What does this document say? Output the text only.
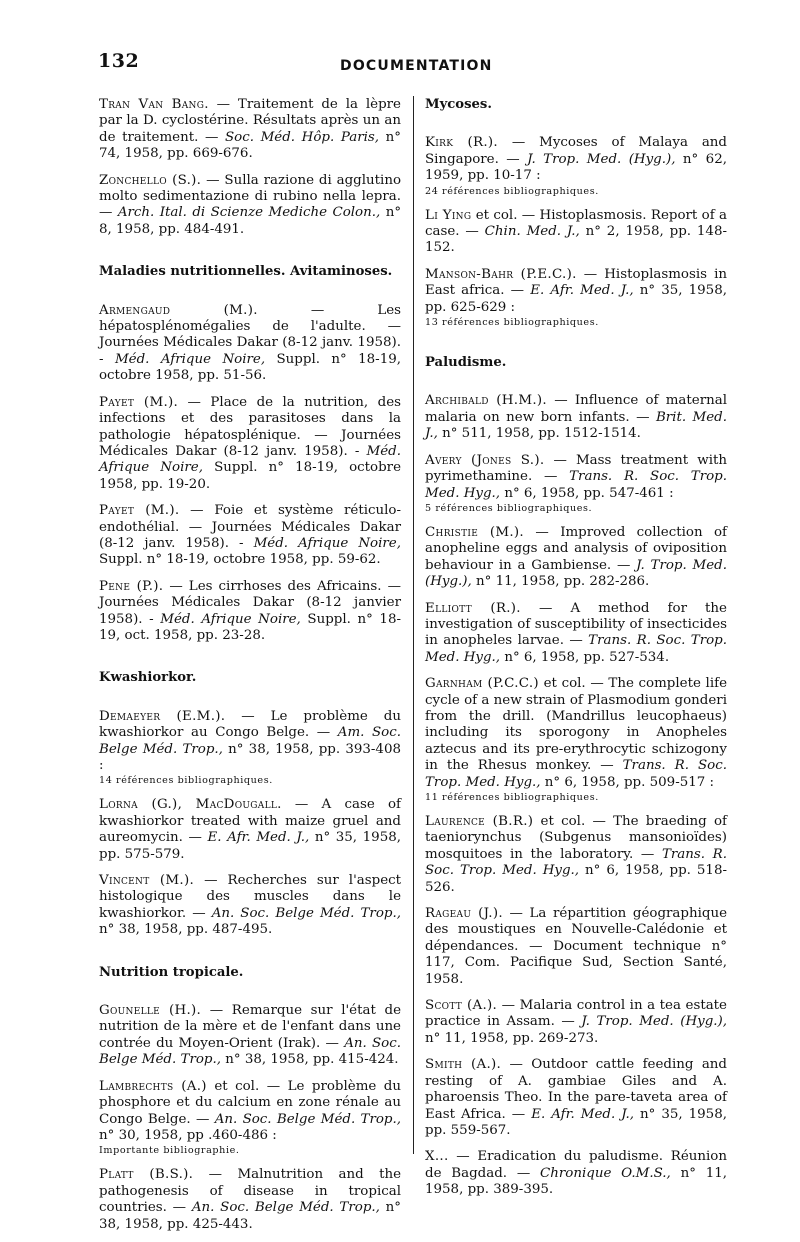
132	DOCUMENTATION

Tran Van Bang. — Traitement de la lèpre par la D. cyclostérine. Résultats après un an de traitement. — Soc. Méd. Hôp. Paris, n° 74, 1958, pp. 669-676.

Zonchello (S.). — Sulla razione di agglutino molto sedimentazione di rubino nella lepra. — Arch. Ital. di Scienze Mediche Colon., n° 8, 1958, pp. 484-491.

Maladies nutritionnelles. Avitaminoses.

Armengaud (M.). — Les hépatosplénomégalies de l'adulte. — Journées Médicales Dakar (8-12 janv. 1958). - Méd. Afrique Noire, Suppl. n° 18-19, octobre 1958, pp. 51-56.

Payet (M.). — Place de la nutrition, des infections et des parasitoses dans la pathologie hépatosplénique. — Journées Médicales Dakar (8-12 janv. 1958). - Méd. Afrique Noire, Suppl. n° 18-19, octobre 1958, pp. 19-20.

Payet (M.). — Foie et système réticulo-endothélial. — Journées Médicales Dakar (8-12 janv. 1958). - Méd. Afrique Noire, Suppl. n° 18-19, octobre 1958, pp. 59-62.

Pene (P.). — Les cirrhoses des Africains. — Journées Médicales Dakar (8-12 janvier 1958). - Méd. Afrique Noire, Suppl. n° 18-19, oct. 1958, pp. 23-28.

Kwashiorkor.

Demaeyer (E.M.). — Le problème du kwashiorkor au Congo Belge. — Am. Soc. Belge Méd. Trop., n° 38, 1958, pp. 393-408 :
14 références bibliographiques.

Lorna (G.), MacDougall. — A case of kwashiorkor treated with maize gruel and aureomycin. — E. Afr. Med. J., n° 35, 1958, pp. 575-579.

Vincent (M.). — Recherches sur l'aspect histologique des muscles dans le kwashiorkor. — An. Soc. Belge Méd. Trop., n° 38, 1958, pp. 487-495.

Nutrition tropicale.

Gounelle (H.). — Remarque sur l'état de nutrition de la mère et de l'enfant dans une contrée du Moyen-Orient (Irak). — An. Soc. Belge Méd. Trop., n° 38, 1958, pp. 415-424.

Lambrechts (A.) et col. — Le problème du phosphore et du calcium en zone rénale au Congo Belge. — An. Soc. Belge Méd. Trop., n° 30, 1958, pp .460-486 :
Importante bibliographie.

Platt (B.S.). — Malnutrition and the pathogenesis of disease in tropical countries. — An. Soc. Belge Méd. Trop., n° 38, 1958, pp. 425-443.

Mycoses.

Kirk (R.). — Mycoses of Malaya and Singapore. — J. Trop. Med. (Hyg.), n° 62, 1959, pp. 10-17 :
24 références bibliographiques.

Li Ying et col. — Histoplasmosis. Report of a case. — Chin. Med. J., n° 2, 1958, pp. 148-152.

Manson-Bahr (P.E.C.). — Histoplasmosis in East africa. — E. Afr. Med. J., n° 35, 1958, pp. 625-629 :
13 références bibliographiques.

Paludisme.

Archibald (H.M.). — Influence of maternal malaria on new born infants. — Brit. Med. J., n° 511, 1958, pp. 1512-1514.

Avery (Jones S.). — Mass treatment with pyrimethamine. — Trans. R. Soc. Trop. Med. Hyg., n° 6, 1958, pp. 547-461 :
5 références bibliographiques.

Christie (M.). — Improved collection of anopheline eggs and analysis of oviposition behaviour in a Gambiense. — J. Trop. Med. (Hyg.), n° 11, 1958, pp. 282-286.

Elliott (R.). — A method for the investigation of susceptibility of insecticides in anopheles larvae. — Trans. R. Soc. Trop. Med. Hyg., n° 6, 1958, pp. 527-534.

Garnham (P.C.C.) et col. — The complete life cycle of a new strain of Plasmodium gonderi from the drill. (Mandrillus leucophaeus) including its sporogony in Anopheles aztecus and its pre-erythrocytic schizogony in the Rhesus monkey. — Trans. R. Soc. Trop. Med. Hyg., n° 6, 1958, pp. 509-517 :
11 références bibliographiques.

Laurence (B.R.) et col. — The braeding of taeniorynchus (Subgenus mansonioïdes) mosquitoes in the laboratory. — Trans. R. Soc. Trop. Med. Hyg., n° 6, 1958, pp. 518-526.

Rageau (J.). — La répartition géographique des moustiques en Nouvelle-Calédonie et dépendances. — Document technique n° 117, Com. Pacifique Sud, Section Santé, 1958.

Scott (A.). — Malaria control in a tea estate practice in Assam. — J. Trop. Med. (Hyg.), n° 11, 1958, pp. 269-273.

Smith (A.). — Outdoor cattle feeding and resting of A. gambiae Giles and A. pharoensis Theo. In the pare-taveta area of East Africa. — E. Afr. Med. J., n° 35, 1958, pp. 559-567.

X... — Eradication du paludisme. Réunion de Bagdad. — Chronique O.M.S., n° 11, 1958, pp. 389-395.
